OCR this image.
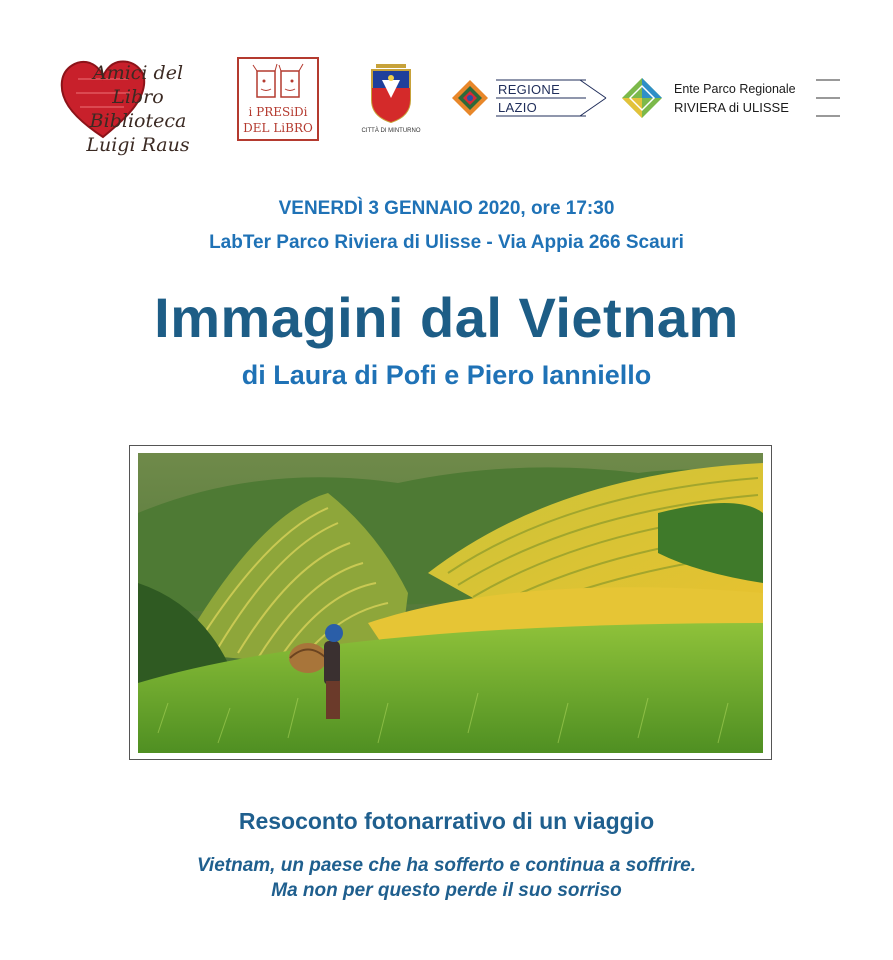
Amici del Libro
Biblioteca
Luigi Raus
i PRESiDi
DEL LiBRO	CITTÀ DI MINTURNO
REGIONE
LAZIO
Ente Parco Regionale
RIVIERA di ULISSE
VENERDÌ 3 GENNAIO 2020, ore 17:30
LabTer Parco Riviera di Ulisse - Via Appia 266 Scauri
Immagini dal Vietnam
di Laura di Pofi e Piero Ianniello
Resoconto fotonarrativo di un viaggio
Vietnam, un paese che ha sofferto e continua a soffrire.
Ma non per questo perde il suo sorriso
